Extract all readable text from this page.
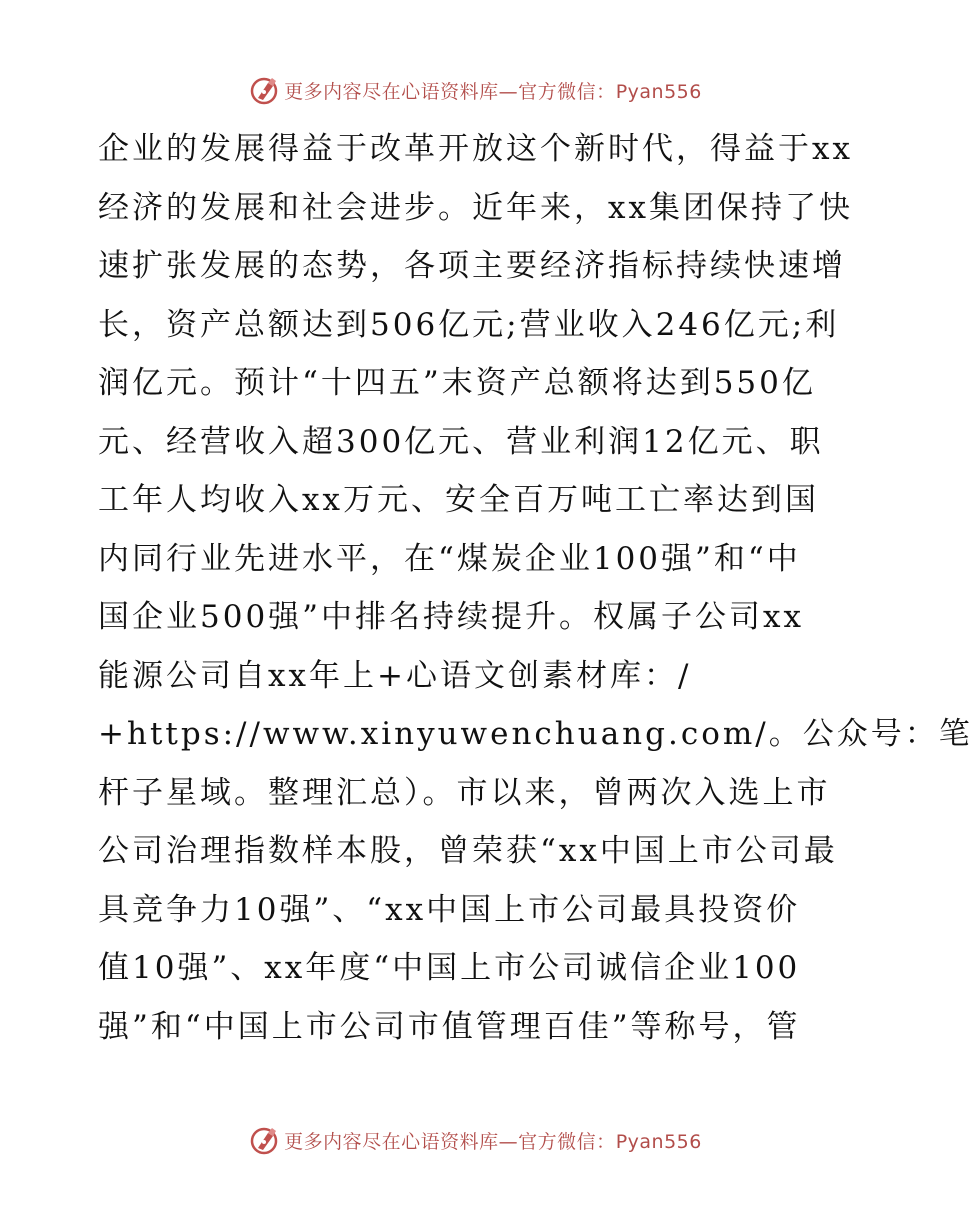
更多内容尽在心语资料库—官方微信：Pyan556
企业的发展得益于改革开放这个新时代，得益于xx
经济的发展和社会进步。近年来，xx集团保持了快
速扩张发展的态势，各项主要经济指标持续快速增
长，资产总额达到506亿元;营业收入246亿元;利
润亿元。预计“十四五”末资产总额将达到550亿
元、经营收入超300亿元、营业利润12亿元、职
工年人均收入xx万元、安全百万吨工亡率达到国
内同行业先进水平，在“煤炭企业100强”和“中
国企业500强”中排名持续提升。权属子公司xx
能源公司自xx年上+心语文创素材库：/
+https://www.xinyuwenchuang.com/。公众号：笔
杆子星域。整理汇总）。市以来，曾两次入选上市
公司治理指数样本股，曾荣获“xx中国上市公司最
具竞争力10强”、“xx中国上市公司最具投资价
值10强”、xx年度“中国上市公司诚信企业100
强”和“中国上市公司市值管理百佳”等称号，管
更多内容尽在心语资料库—官方微信：Pyan556
